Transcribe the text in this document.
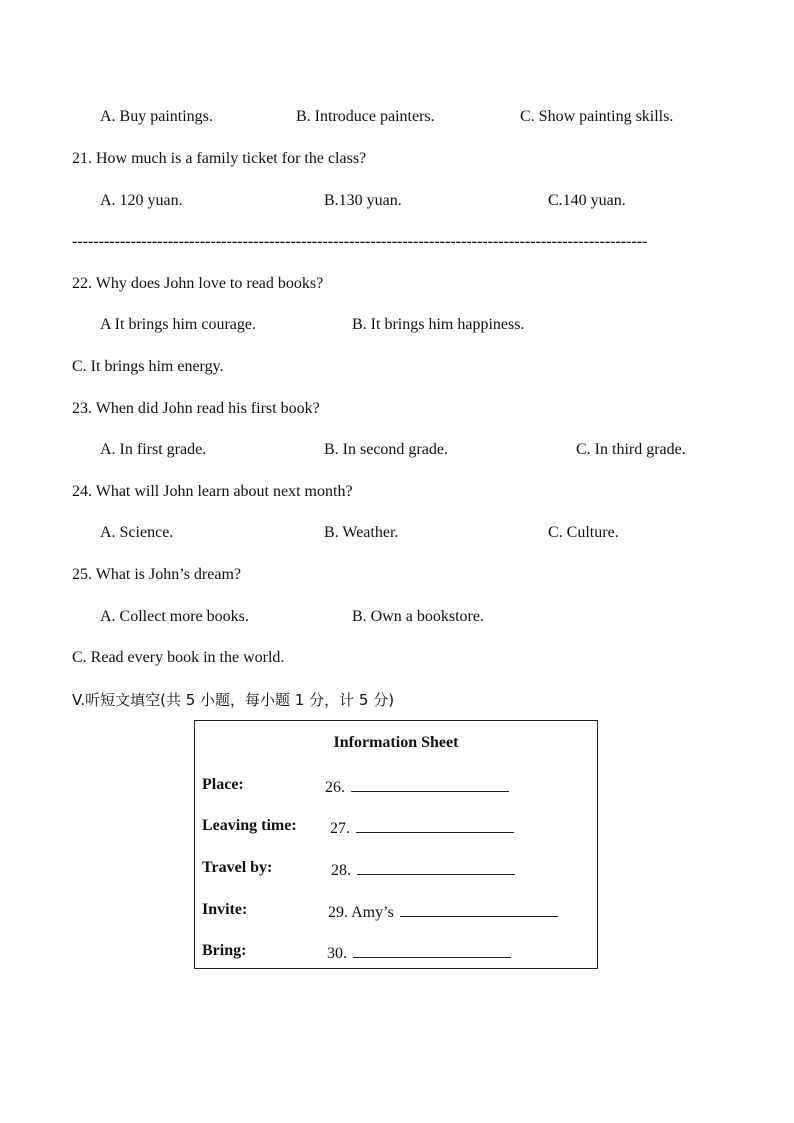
A. Buy paintings.	B. Introduce painters.	C. Show painting skills.
21. How much is a family ticket for the class?
A. 120 yuan.	B.130 yuan.	C.140 yuan.
------------------------------------------------------------------------------------------------------------
22. Why does John love to read books?
A It brings him courage.	B. It brings him happiness.
C. It brings him energy.
23. When did John read his first book?
A. In first grade.	B. In second grade.	C. In third grade.
24. What will John learn about next month?
A. Science.	B. Weather.	C. Culture.
25. What is John’s dream?
A. Collect more books.	B. Own a bookstore.
C. Read every book in the world.
V.听短文填空(共 5 小题，每小题 1 分，计 5 分)
Information Sheet
Place:	26.
Leaving time: 27.
Travel by:	28.
Invite:	29. Amy’s
Bring:	30.
